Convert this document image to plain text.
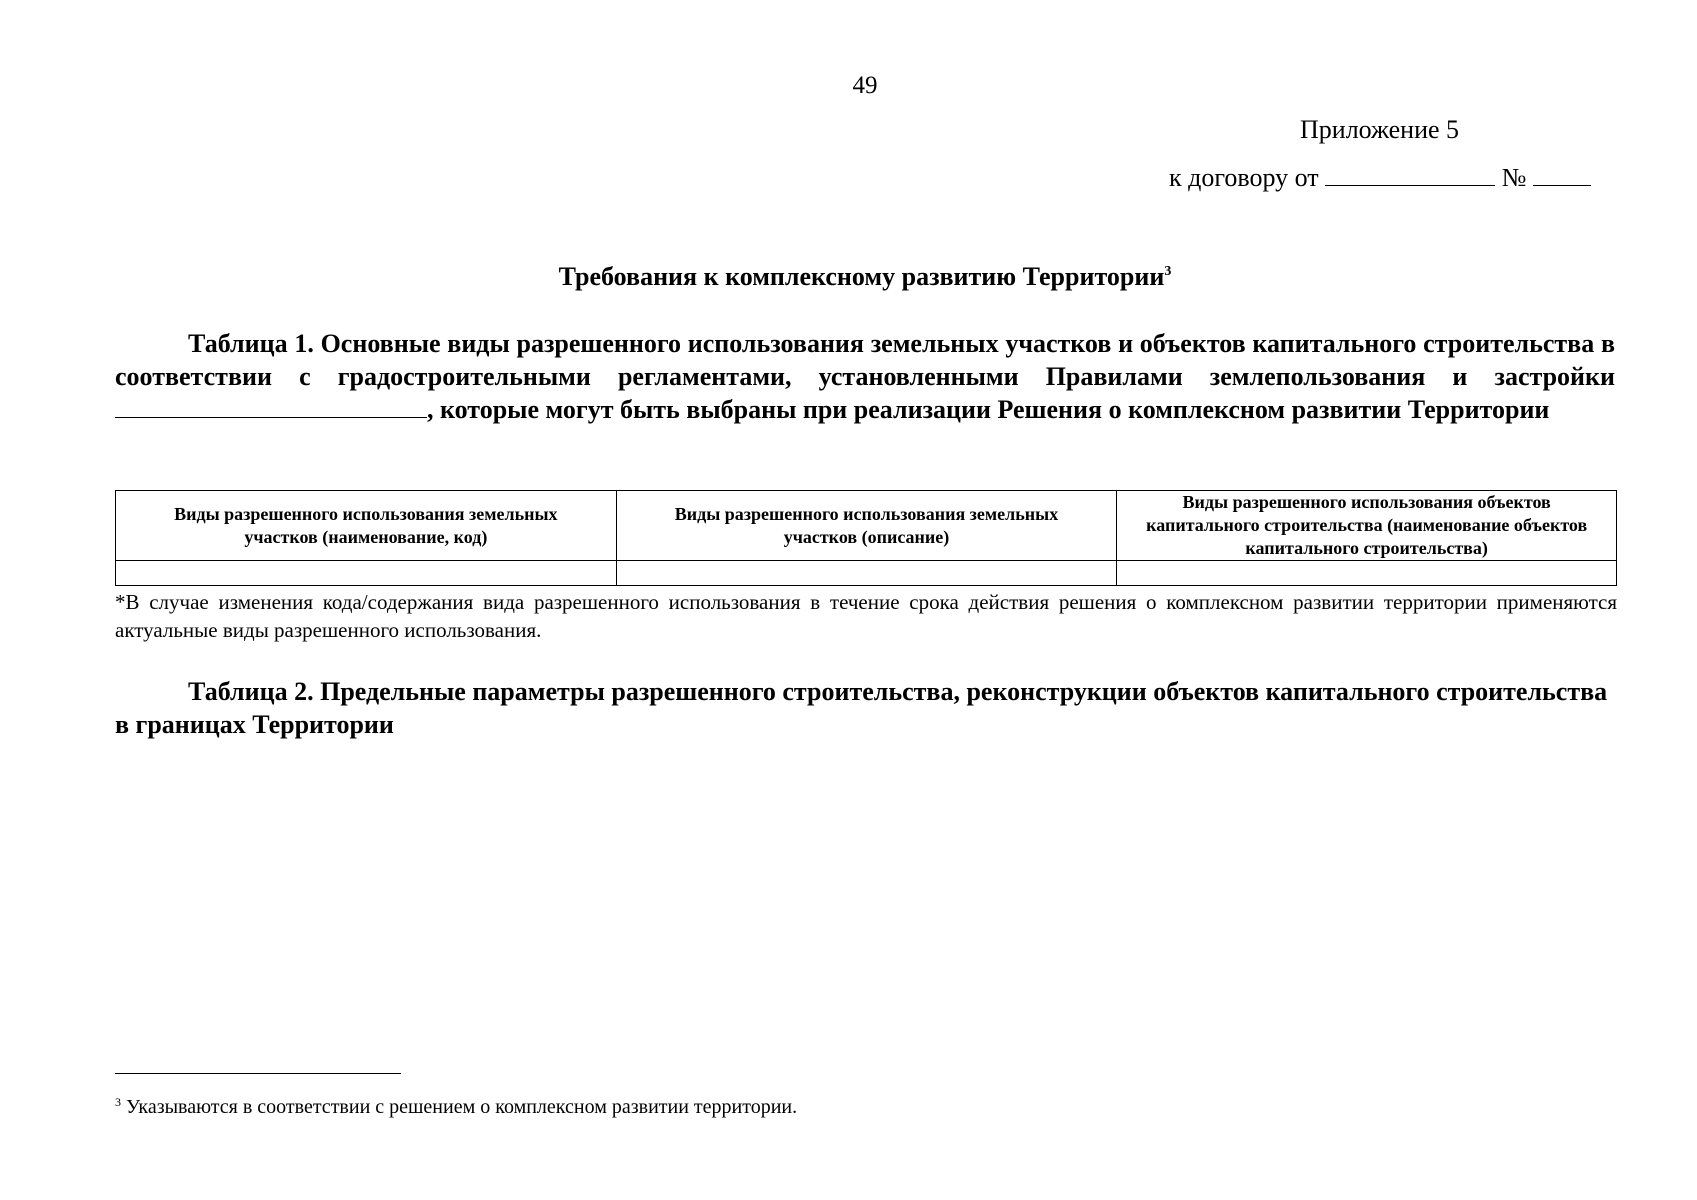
49
Приложение 5
к договору от	№
Требования к комплексному развитию Территории$^3$
Таблица 1. Основные виды разрешенного использования земельных участков и объектов капитального строительства в соответствии с градостроительными регламентами, установленными Правилами землепользования и застройки , которые могут быть выбраны при реализации Решения о комплексном развитии Территории
Виды разрешенного использования земельных участков (наименование, код)	Виды разрешенного использования земельных участков (описание)	Виды разрешенного использования объектов капитального строительства (наименование объектов капитального строительства)

*В случае изменения кода/содержания вида разрешенного использования в течение срока действия решения о комплексном развитии территории применяются актуальные виды разрешенного использования.
Таблица 2. Предельные параметры разрешенного строительства, реконструкции объектов капитального строительства в границах Территории
$^3$ Указываются в соответствии с решением о комплексном развитии территории.
